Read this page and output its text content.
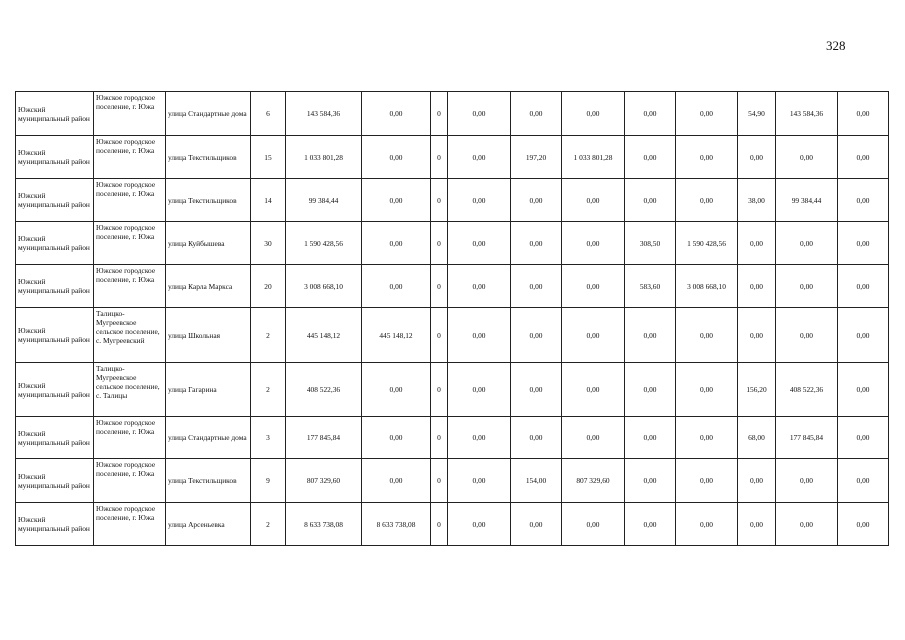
328
Южский муниципальный район	Южское городское поселение, г. Южа	улица Стандартные дома	6	143 584,36	0,00	0	0,00	0,00	0,00	0,00	0,00	54,90	143 584,36	0,00
Южский муниципальный район	Южское городское поселение, г. Южа	улица Текстильщиков	15	1 033 801,28	0,00	0	0,00	197,20	1 033 801,28	0,00	0,00	0,00	0,00	0,00
Южский муниципальный район	Южское городское поселение, г. Южа	улица Текстильщиков	14	99 384,44	0,00	0	0,00	0,00	0,00	0,00	0,00	38,00	99 384,44	0,00
Южский муниципальный район	Южское городское поселение, г. Южа	улица Куйбышева	30	1 590 428,56	0,00	0	0,00	0,00	0,00	308,50	1 590 428,56	0,00	0,00	0,00
Южский муниципальный район	Южское городское поселение, г. Южа	улица Карла Маркса	20	3 008 668,10	0,00	0	0,00	0,00	0,00	583,60	3 008 668,10	0,00	0,00	0,00
Южский муниципальный район	Талицко-Мугреевское сельское поселение, с. Мугреевский	улица Школьная	2	445 148,12	445 148,12	0	0,00	0,00	0,00	0,00	0,00	0,00	0,00	0,00
Южский муниципальный район	Талицко-Мугреевское сельское поселение, с. Талицы	улица Гагарина	2	408 522,36	0,00	0	0,00	0,00	0,00	0,00	0,00	156,20	408 522,36	0,00
Южский муниципальный район	Южское городское поселение, г. Южа	улица Стандартные дома	3	177 845,84	0,00	0	0,00	0,00	0,00	0,00	0,00	68,00	177 845,84	0,00
Южский муниципальный район	Южское городское поселение, г. Южа	улица Текстильщиков	9	807 329,60	0,00	0	0,00	154,00	807 329,60	0,00	0,00	0,00	0,00	0,00
Южский муниципальный район	Южское городское поселение, г. Южа	улица Арсеньевка	2	8 633 738,08	8 633 738,08	0	0,00	0,00	0,00	0,00	0,00	0,00	0,00	0,00
